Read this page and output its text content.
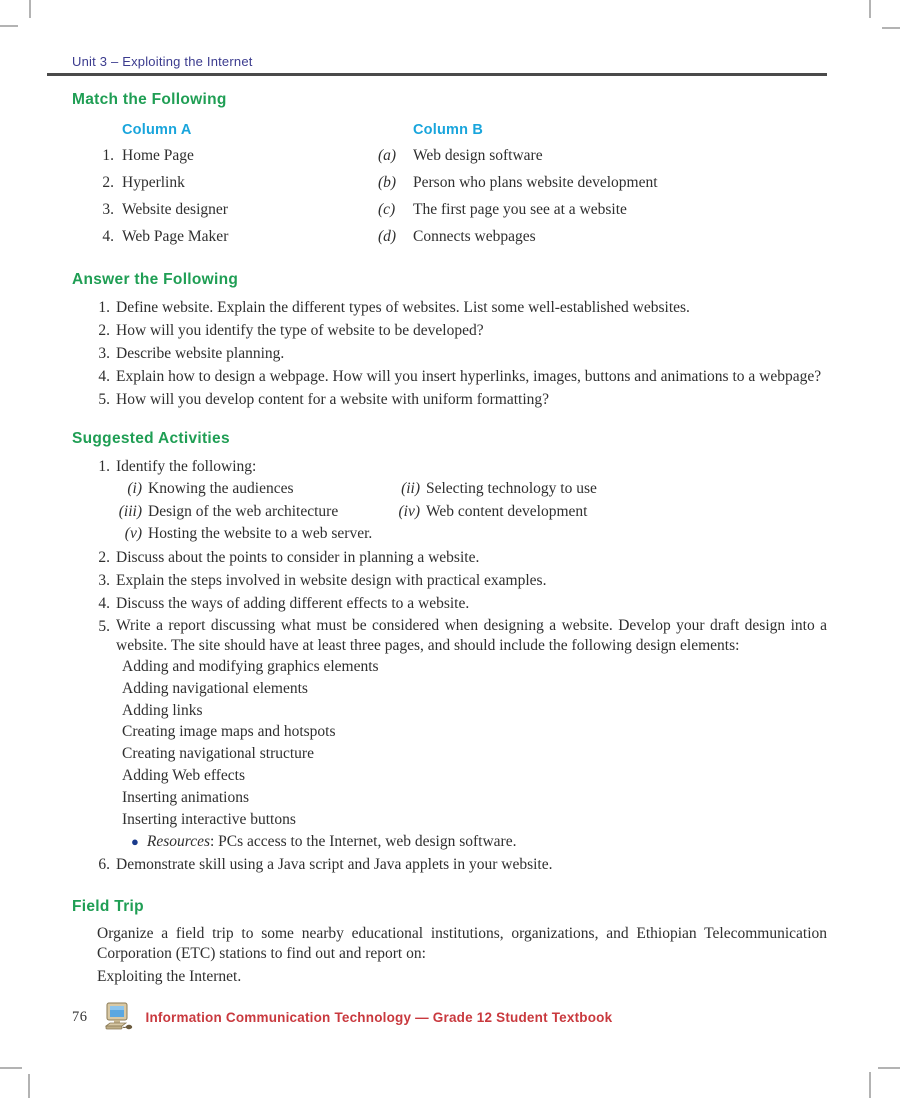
Unit 3 – Exploiting the Internet
Match the Following
Column A	Column B
1. Home Page	(a)	Web design software
2. Hyperlink	(b)	Person who plans website development
3. Website designer	(c)	The first page you see at a website
4. Web Page Maker	(d)	Connects webpages
Answer the Following
1. Define website. Explain the different types of websites. List some well-established websites.
2. How will you identify the type of website to be developed?
3. Describe website planning.
4. Explain how to design a webpage. How will you insert hyperlinks, images, buttons and animations to a webpage?
5. How will you develop content for a website with uniform formatting?
Suggested Activities
1. Identify the following:
(i) Knowing the audiences	(ii) Selecting technology to use
(iii) Design of the web architecture	(iv) Web content development
(v) Hosting the website to a web server.
2. Discuss about the points to consider in planning a website.
3. Explain the steps involved in website design with practical examples.
4. Discuss the ways of adding different effects to a website.
5. Write a report discussing what must be considered when designing a website. Develop your draft design into a website. The site should have at least three pages, and should include the following design elements:
Adding and modifying graphics elements
Adding navigational elements
Adding links
Creating image maps and hotspots
Creating navigational structure
Adding Web effects
Inserting animations
Inserting interactive buttons
● Resources: PCs access to the Internet, web design software.
6. Demonstrate skill using a Java script and Java applets in your website.
Field Trip

Organize a field trip to some nearby educational institutions, organizations, and Ethiopian Telecommunication Corporation (ETC) stations to find out and report on:

Exploiting the Internet.

76	Information Communication Technology — Grade 12 Student Textbook
